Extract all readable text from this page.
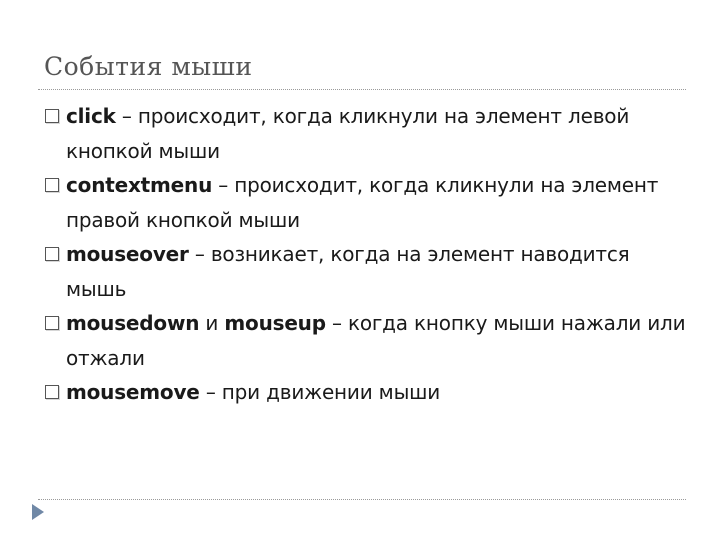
События мыши
click – происходит, когда кликнули на элемент левой кнопкой мыши
contextmenu – происходит, когда кликнули на элемент правой кнопкой мыши
mouseover – возникает, когда на элемент наводится мышь
mousedown и mouseup – когда кнопку мыши нажали или отжали
mousemove – при движении мыши
